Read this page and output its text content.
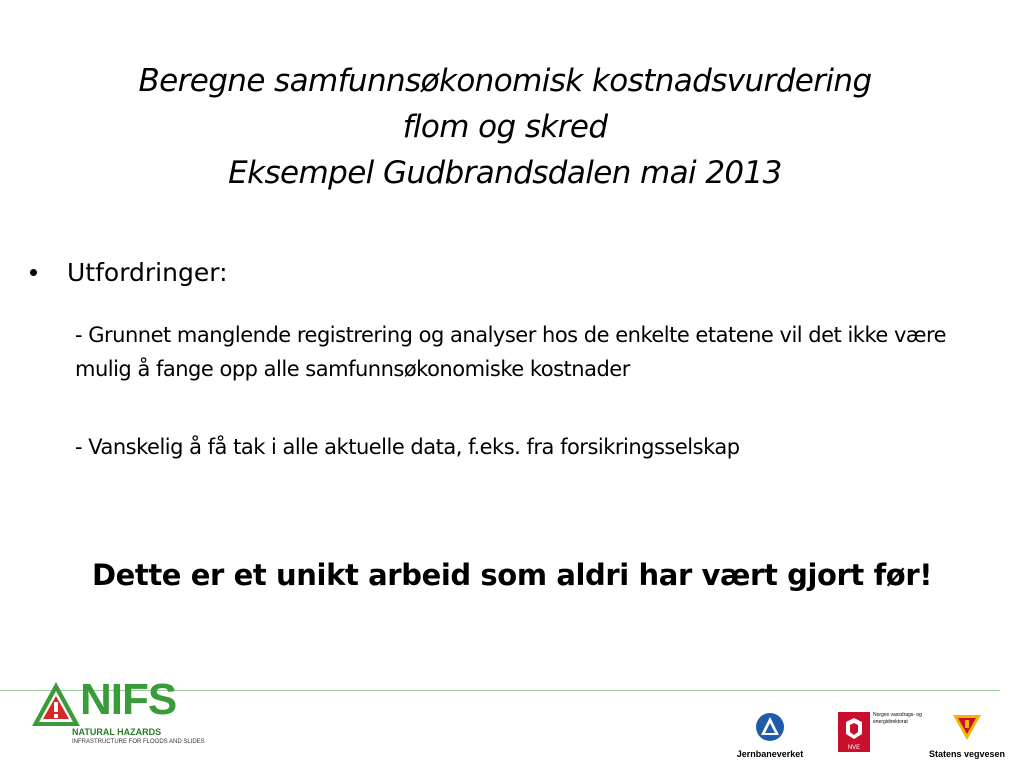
Beregne samfunnsøkonomisk kostnadsvurdering
flom og skred
Eksempel Gudbrandsdalen mai 2013
Utfordringer:
- Grunnet manglende registrering og analyser hos de enkelte etatene vil det ikke være mulig å fange opp alle samfunnsøkonomiske kostnader
- Vanskelig å få tak i alle aktuelle data, f.eks. fra forsikringsselskap
Dette er et unikt arbeid som aldri har vært gjort før!
NIFS
NATURAL HAZARDS
INFRASTRUCTURE FOR FLOODS AND SLIDES
Jernbaneverket
NVE
Norges vassdrags- og energidirektorat
Statens vegvesen
